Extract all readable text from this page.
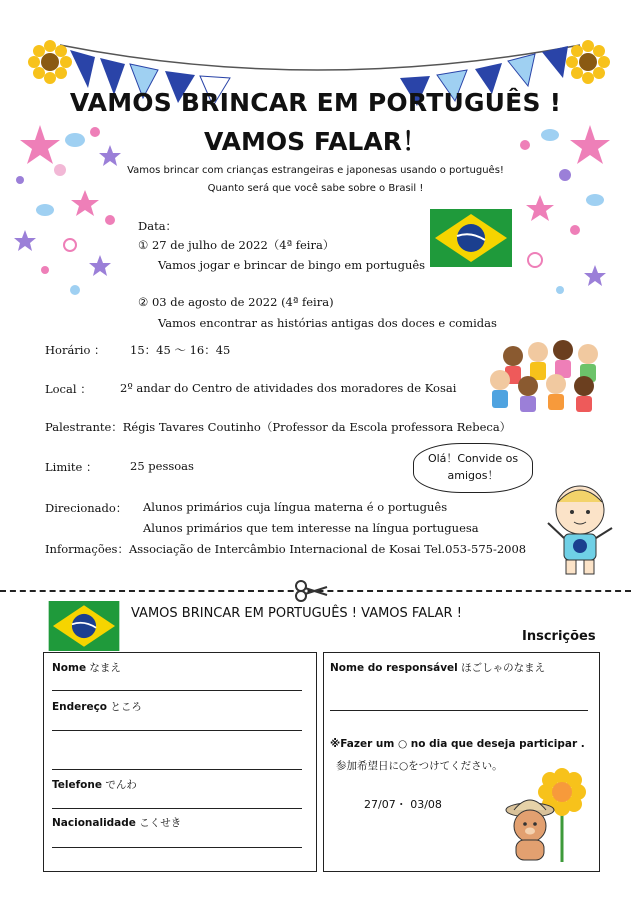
VAMOS BRINCAR EM PORTUGUÊS !
VAMOS FALAR！
Vamos brincar com crianças estrangeiras e japonesas usando o português!
Quanto será que você sabe sobre o Brasil !
Data：
① 27 de julho de 2022（4ª feira）
Vamos jogar e brincar de bingo em português
② 03 de agosto de 2022 (4ª feira)
Vamos encontrar as histórias antigas dos doces e comidas
Horário ： 15：45 ～ 16：45
Local ： 2º andar do Centro de atividades dos moradores de Kosai
Palestrante：Régis Tavares Coutinho（Professor da Escola professora Rebeca）
Limite ：	25 pessoas
Direcionado： Alunos primários cuja língua materna é o português
Alunos primários que tem interesse na língua portuguesa
Informações：Associação de Intercâmbio Internacional de Kosai Tel.053-575-2008
Olá！Convide os
amigos！
VAMOS BRINCAR EM PORTUGUÊS ! VAMOS FALAR !
Inscrições
Nome なまえ
Endereço ところ
Telefone でんわ
Nacionalidade こくせき
Nome do responsável ほごしゃのなまえ
※Fazer um ○ no dia que deseja participar .
参加希望日に○をつけてください。
27/07・ 03/08
